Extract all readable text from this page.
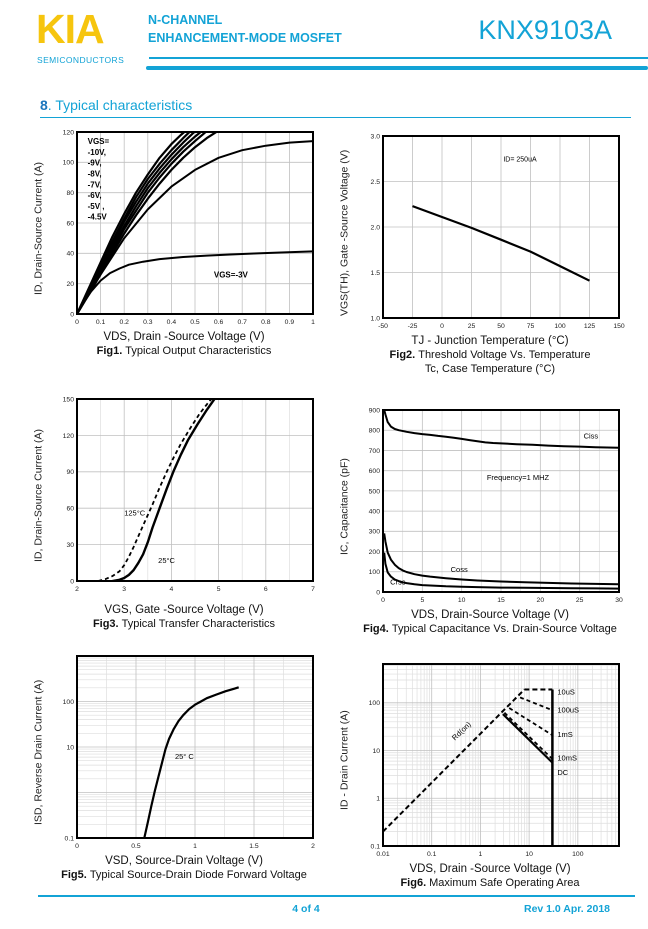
KIA
SEMICONDUCTORS
N-CHANNEL
ENHANCEMENT-MODE MOSFET	KNX9103A
8. Typical characteristics
ID, Drain-Source Current (A)
0 0.1 0.2 0.3 0.4 0.5 0.6 0.7 0.8 0.9 1
0
20
40
60
80
100
120
VGS= -10V, -9V, -8V, -7V, -6V, -5V , -4.5V
VGS=-3V
VDS, Drain -Source Voltage (V)
Fig1. Typical Output Characteristics
VGS(TH), Gate -Source Voltage (V)
-50	-25	0	25	50	75	100	125	150
1.0
1.5
2.0
2.5
3.0
ID= 250uA
TJ - Junction Temperature (°C)
Fig2. Threshold Voltage Vs. Temperature
Tc, Case Temperature (°C)
ID, Drain-Source Current (A)
2	3	4	5	6	7
0
30
60
90
120
150
125°C
25°C
VGS, Gate -Source Voltage (V)
Fig3. Typical Transfer Characteristics
IC, Capacitance (pF)
0	5	10	15	20	25	30
0
100
200
300
400
500
600
700
800
900
Frequency=1 MHZ
Ciss
Coss
Crss
VDS, Drain-Source Voltage (V)
Fig4. Typical Capacitance Vs. Drain-Source Voltage
ISD, Reverse Drain Current (A)
0	0.5	1	1.5	2
0.1
10
100
25° C
VSD, Source-Drain Voltage (V)
Fig5. Typical Source-Drain Diode Forward Voltage
ID - Drain Current (A)
0.01	0.1	1	10	100
0.1
1
10
100
10uS
100uS
1mS
10mS
DC
Rd(on)
VDS, Drain -Source Voltage (V)
Fig6. Maximum Safe Operating Area
4 of 4	Rev 1.0 Apr. 2018
